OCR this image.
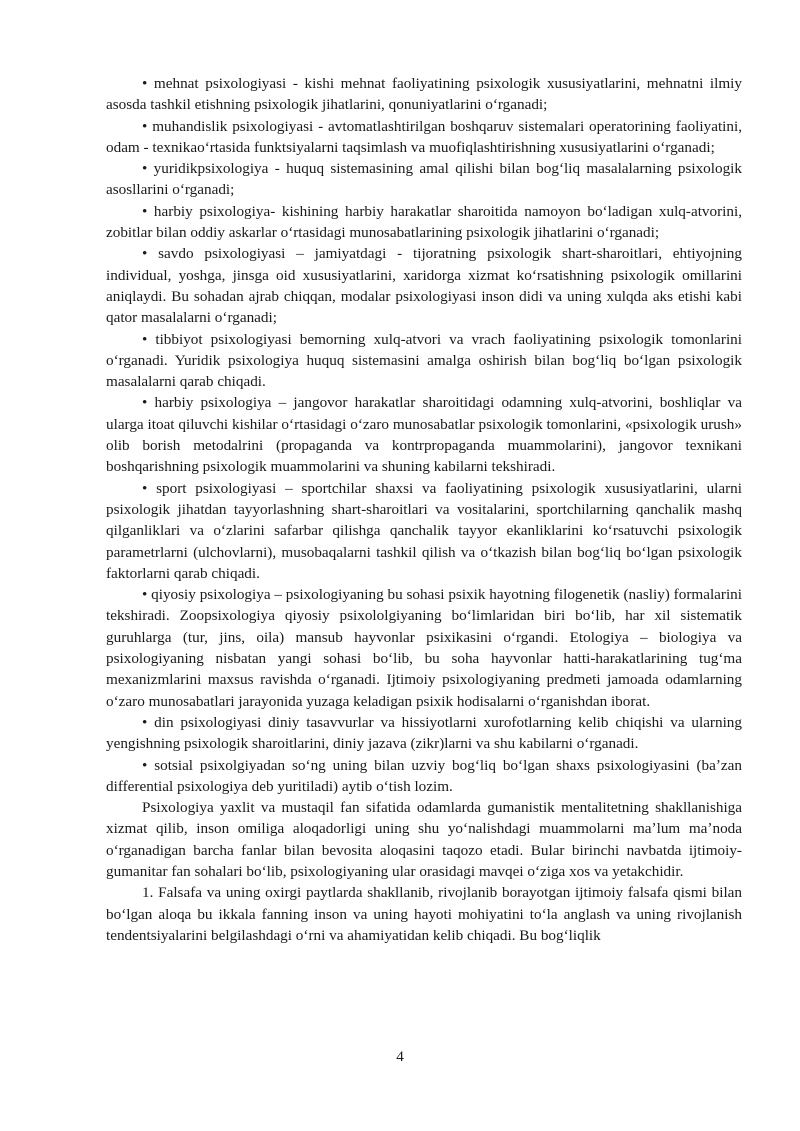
• mehnat psixologiyasi - kishi mehnat faoliyatining psixologik xususiyatlarini, mehnatni ilmiy asosda tashkil etishning psixologik jihatlarini, qonuniyatlarini oʻrganadi;

• muhandislik psixologiyasi - avtomatlashtirilgan boshqaruv sistemalari operatorining faoliyatini, odam - texnikaoʻrtasida funktsiyalarni taqsimlash va muofiqlashtirishning xususiyatlarini oʻrganadi;

• yuridikpsixologiya - huquq sistemasining amal qilishi bilan bogʻliq masalalarning psixologik asosllarini oʻrganadi;

• harbiy psixologiya- kishining harbiy harakatlar sharoitida namoyon boʻladigan xulq-atvorini, zobitlar bilan oddiy askarlar oʻrtasidagi munosabatlarining psixologik jihatlarini oʻrganadi;

• savdo psixologiyasi – jamiyatdagi - tijoratning psixologik shart-sharoitlari, ehtiyojning individual, yoshga, jinsga oid xususiyatlarini, xaridorga xizmat koʻrsatishning psixologik omillarini aniqlaydi. Bu sohadan ajrab chiqqan, modalar psixologiyasi inson didi va uning xulqda aks etishi kabi qator masalalarni oʻrganadi;

• tibbiyot psixologiyasi bemorning xulq-atvori va vrach faoliyatining psixologik tomonlarini oʻrganadi. Yuridik psixologiya huquq sistemasini amalga oshirish bilan bogʻliq boʻlgan psixologik masalalarni qarab chiqadi.

• harbiy psixologiya – jangovor harakatlar sharoitidagi odamning xulq-atvorini, boshliqlar va ularga itoat qiluvchi kishilar oʻrtasidagi oʻzaro munosabatlar psixologik tomonlarini, «psixologik urush» olib borish metodalrini (propaganda va kontrpropaganda muammolarini), jangovor texnikani boshqarishning psixologik muammolarini va shuning kabilarni tekshiradi.

• sport psixologiyasi – sportchilar shaxsi va faoliyatining psixologik xususiyatlarini, ularni psixologik jihatdan tayyorlashning shart-sharoitlari va vositalarini, sportchilarning qanchalik mashq qilganliklari va oʻzlarini safarbar qilishga qanchalik tayyor ekanliklarini koʻrsatuvchi psixologik parametrlarni (ulchovlarni), musobaqalarni tashkil qilish va oʻtkazish bilan bogʻliq boʻlgan psixologik faktorlarni qarab chiqadi.

• qiyosiy psixologiya – psixologiyaning bu sohasi psixik hayotning filogenetik (nasliy) formalarini tekshiradi. Zoopsixologiya qiyosiy psixololgiyaning boʻlimlaridan biri boʻlib, har xil sistematik guruhlarga (tur, jins, oila) mansub hayvonlar psixikasini oʻrgandi. Etologiya – biologiya va psixologiyaning nisbatan yangi sohasi boʻlib, bu soha hayvonlar hatti-harakatlarining tugʻma mexanizmlarini maxsus ravishda oʻrganadi. Ijtimoiy psixologiyaning predmeti jamoada odamlarning oʻzaro munosabatlari jarayonida yuzaga keladigan psixik hodisalarni oʻrganishdan iborat.

• din psixologiyasi diniy tasavvurlar va hissiyotlarni xurofotlarning kelib chiqishi va ularning yengishning psixologik sharoitlarini, diniy jazava (zikr)larni va shu kabilarni oʻrganadi.

• sotsial psixolgiyadan soʻng uning bilan uzviy bogʻliq boʻlgan shaxs psixologiyasini (baʼzan differential psixologiya deb yuritiladi) aytib oʻtish lozim.

Psixologiya yaxlit va mustaqil fan sifatida odamlarda gumanistik mentalitetning shakllanishiga xizmat qilib, inson omiliga aloqadorligi uning shu yoʻnalishdagi muammolarni maʼlum maʼnoda oʻrganadigan barcha fanlar bilan bevosita aloqasini taqozo etadi. Bular birinchi navbatda ijtimoiy-gumanitar fan sohalari boʻlib, psixologiyaning ular orasidagi mavqei oʻziga xos va yetakchidir.

1. Falsafa va uning oxirgi paytlarda shakllanib, rivojlanib borayotgan ijtimoiy falsafa qismi bilan boʻlgan aloqa bu ikkala fanning inson va uning hayoti mohiyatini toʻla anglash va uning rivojlanish tendentsiyalarini belgilashdagi oʻrni va ahamiyatidan kelib chiqadi. Bu bogʻliqlik

4
